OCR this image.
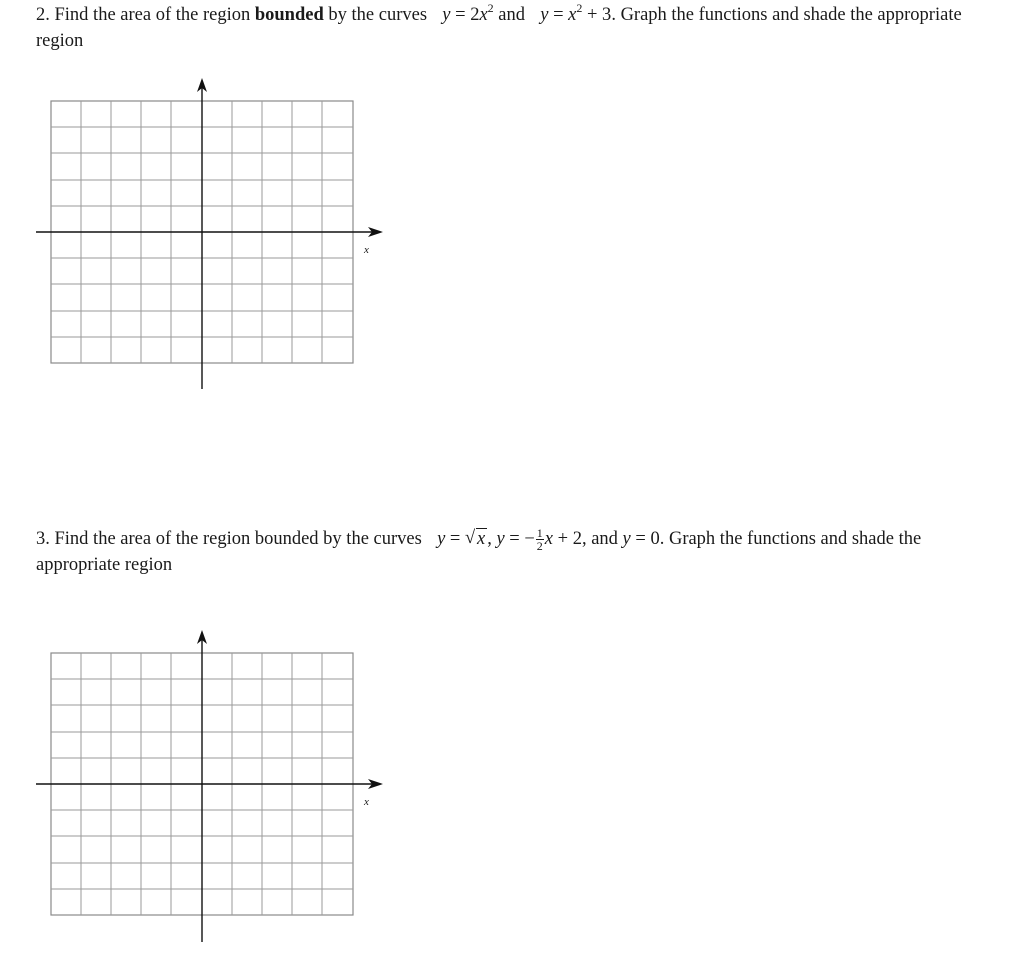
2. Find the area of the region bounded by the curves $y = 2x^2$ and $y = x^2 + 3$. Graph the functions and shade the appropriate region
x
3. Find the area of the region bounded by the curves y = √ x , y = − $\frac{1}{2}$ x + 2, and y = 0. Graph the functions and shade the appropriate region
x
